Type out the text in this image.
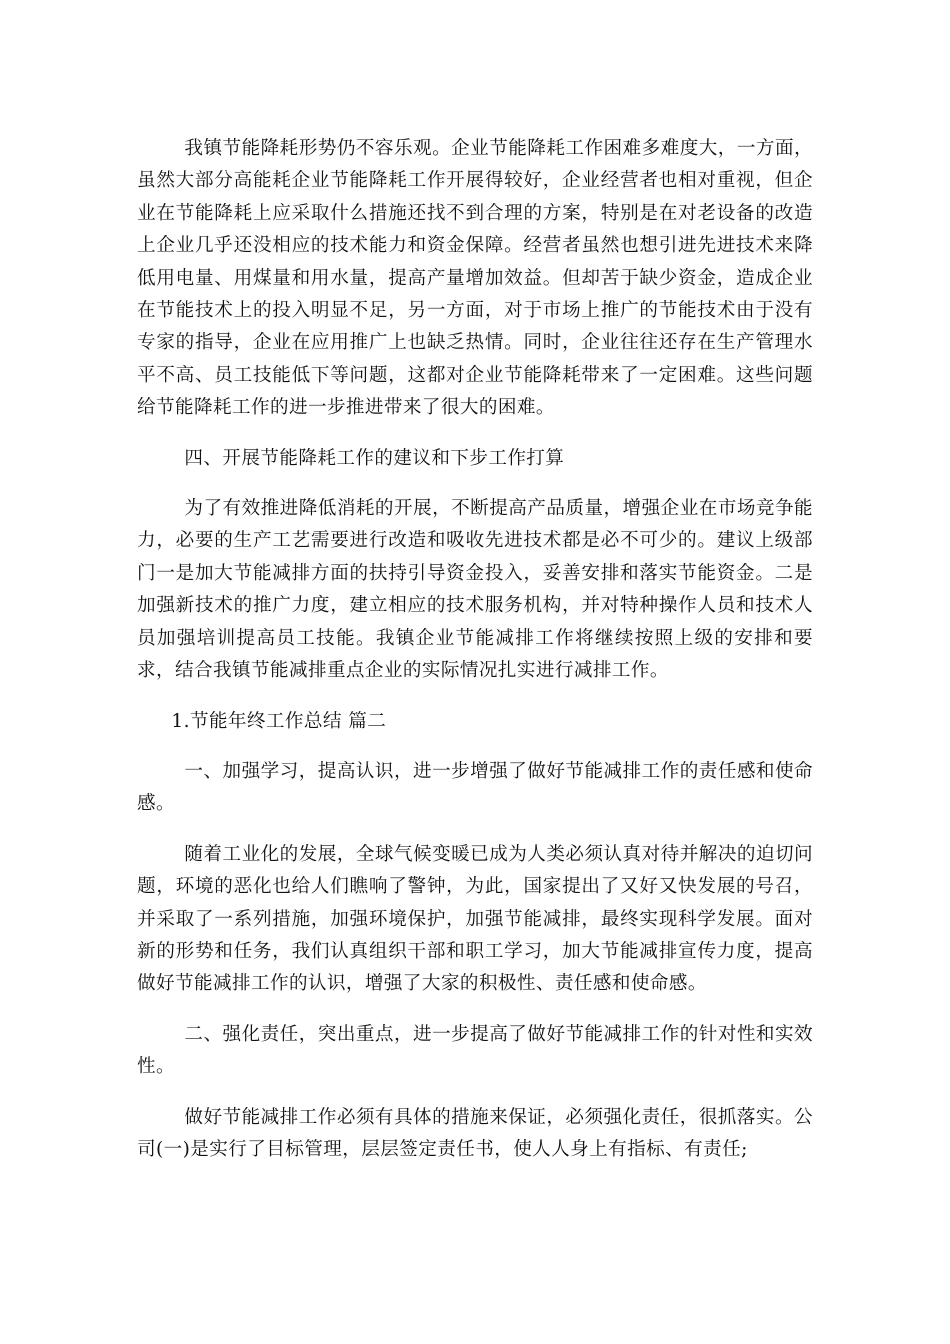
我镇节能降耗形势仍不容乐观。企业节能降耗工作困难多难度大，一方面，虽然大部分高能耗企业节能降耗工作开展得较好，企业经营者也相对重视，但企业在节能降耗上应采取什么措施还找不到合理的方案，特别是在对老设备的改造上企业几乎还没相应的技术能力和资金保障。经营者虽然也想引进先进技术来降低用电量、用煤量和用水量，提高产量增加效益。但却苦于缺少资金，造成企业在节能技术上的投入明显不足，另一方面，对于市场上推广的节能技术由于没有专家的指导，企业在应用推广上也缺乏热情。同时，企业往往还存在生产管理水平不高、员工技能低下等问题，这都对企业节能降耗带来了一定困难。这些问题给节能降耗工作的进一步推进带来了很大的困难。

四、开展节能降耗工作的建议和下步工作打算

为了有效推进降低消耗的开展，不断提高产品质量，增强企业在市场竞争能力，必要的生产工艺需要进行改造和吸收先进技术都是必不可少的。建议上级部门一是加大节能减排方面的扶持引导资金投入，妥善安排和落实节能资金。二是加强新技术的推广力度，建立相应的技术服务机构，并对特种操作人员和技术人员加强培训提高员工技能。我镇企业节能减排工作将继续按照上级的安排和要求，结合我镇节能减排重点企业的实际情况扎实进行减排工作。

1.节能年终工作总结 篇二

一、加强学习，提高认识，进一步增强了做好节能减排工作的责任感和使命感。

随着工业化的发展，全球气候变暖已成为人类必须认真对待并解决的迫切问题，环境的恶化也给人们瞧响了警钟，为此，国家提出了又好又快发展的号召，并采取了一系列措施，加强环境保护，加强节能减排，最终实现科学发展。面对新的形势和任务，我们认真组织干部和职工学习，加大节能减排宣传力度，提高做好节能减排工作的认识，增强了大家的积极性、责任感和使命感。

二、强化责任，突出重点，进一步提高了做好节能减排工作的针对性和实效性。

做好节能减排工作必须有具体的措施来保证，必须强化责任，很抓落实。公司(一)是实行了目标管理，层层签定责任书，使人人身上有指标、有责任;
